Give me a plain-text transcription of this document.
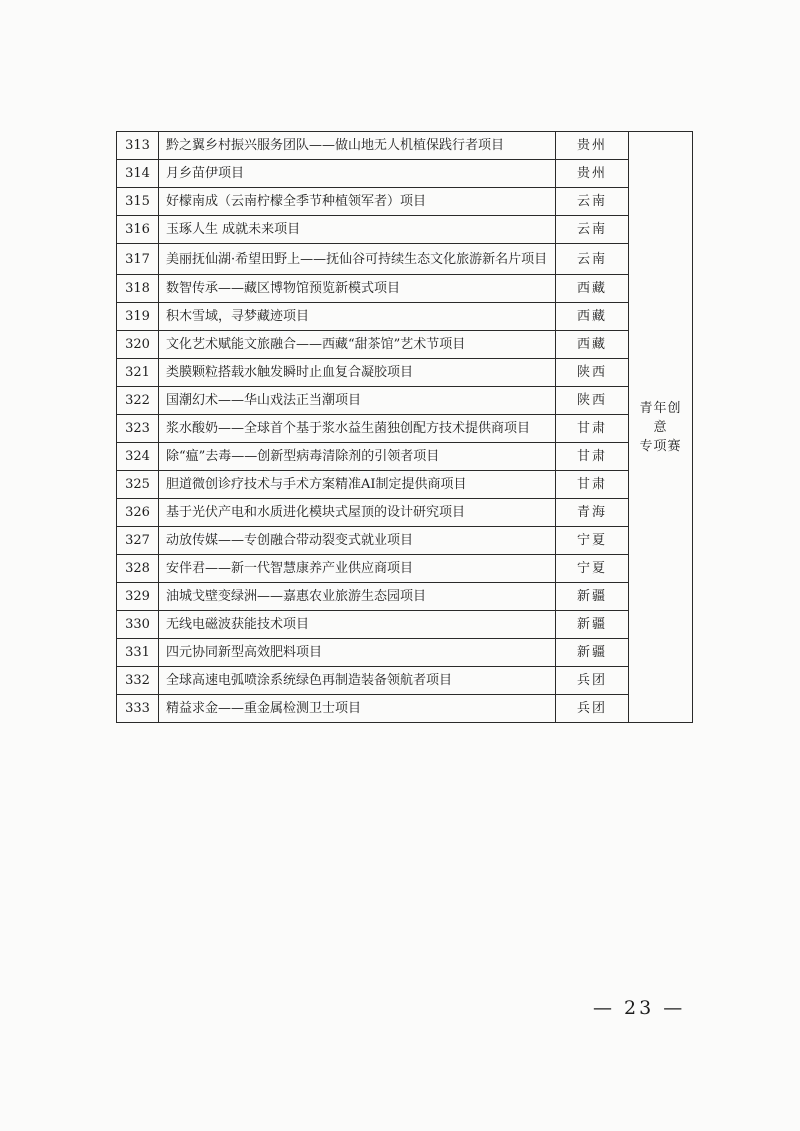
313	黔之翼乡村振兴服务团队——做山地无人机植保践行者项目	贵州	青年创意
专项赛

314	月乡苗伊项目	贵州	
315	好檬南成（云南柠檬全季节种植领军者）项目	云南	
316	玉琢人生 成就未来项目	云南	
317	美丽抚仙湖·希望田野上——抚仙谷可持续生态文化旅游新名片项目	云南	
318	数智传承——藏区博物馆预览新模式项目	西藏	
319	积木雪域，寻梦藏迹项目	西藏	
320	文化艺术赋能文旅融合——西藏“甜茶馆”艺术节项目	西藏	
321	类膜颗粒搭载水触发瞬时止血复合凝胶项目	陕西	
322	国潮幻术——华山戏法正当潮项目	陕西	
323	浆水酸奶——全球首个基于浆水益生菌独创配方技术提供商项目	甘肃	
324	除“瘟”去毒——创新型病毒清除剂的引领者项目	甘肃	
325	胆道微创诊疗技术与手术方案精准AI制定提供商项目	甘肃	
326	基于光伏产电和水质进化模块式屋顶的设计研究项目	青海	
327	动放传媒——专创融合带动裂变式就业项目	宁夏	
328	安伴君——新一代智慧康养产业供应商项目	宁夏	
329	油城戈壁变绿洲——嘉惠农业旅游生态园项目	新疆	
330	无线电磁波获能技术项目	新疆	
331	四元协同新型高效肥料项目	新疆	
332	全球高速电弧喷涂系统绿色再制造装备领航者项目	兵团	
333	精益求金——重金属检测卫士项目	兵团	
— 23 —
